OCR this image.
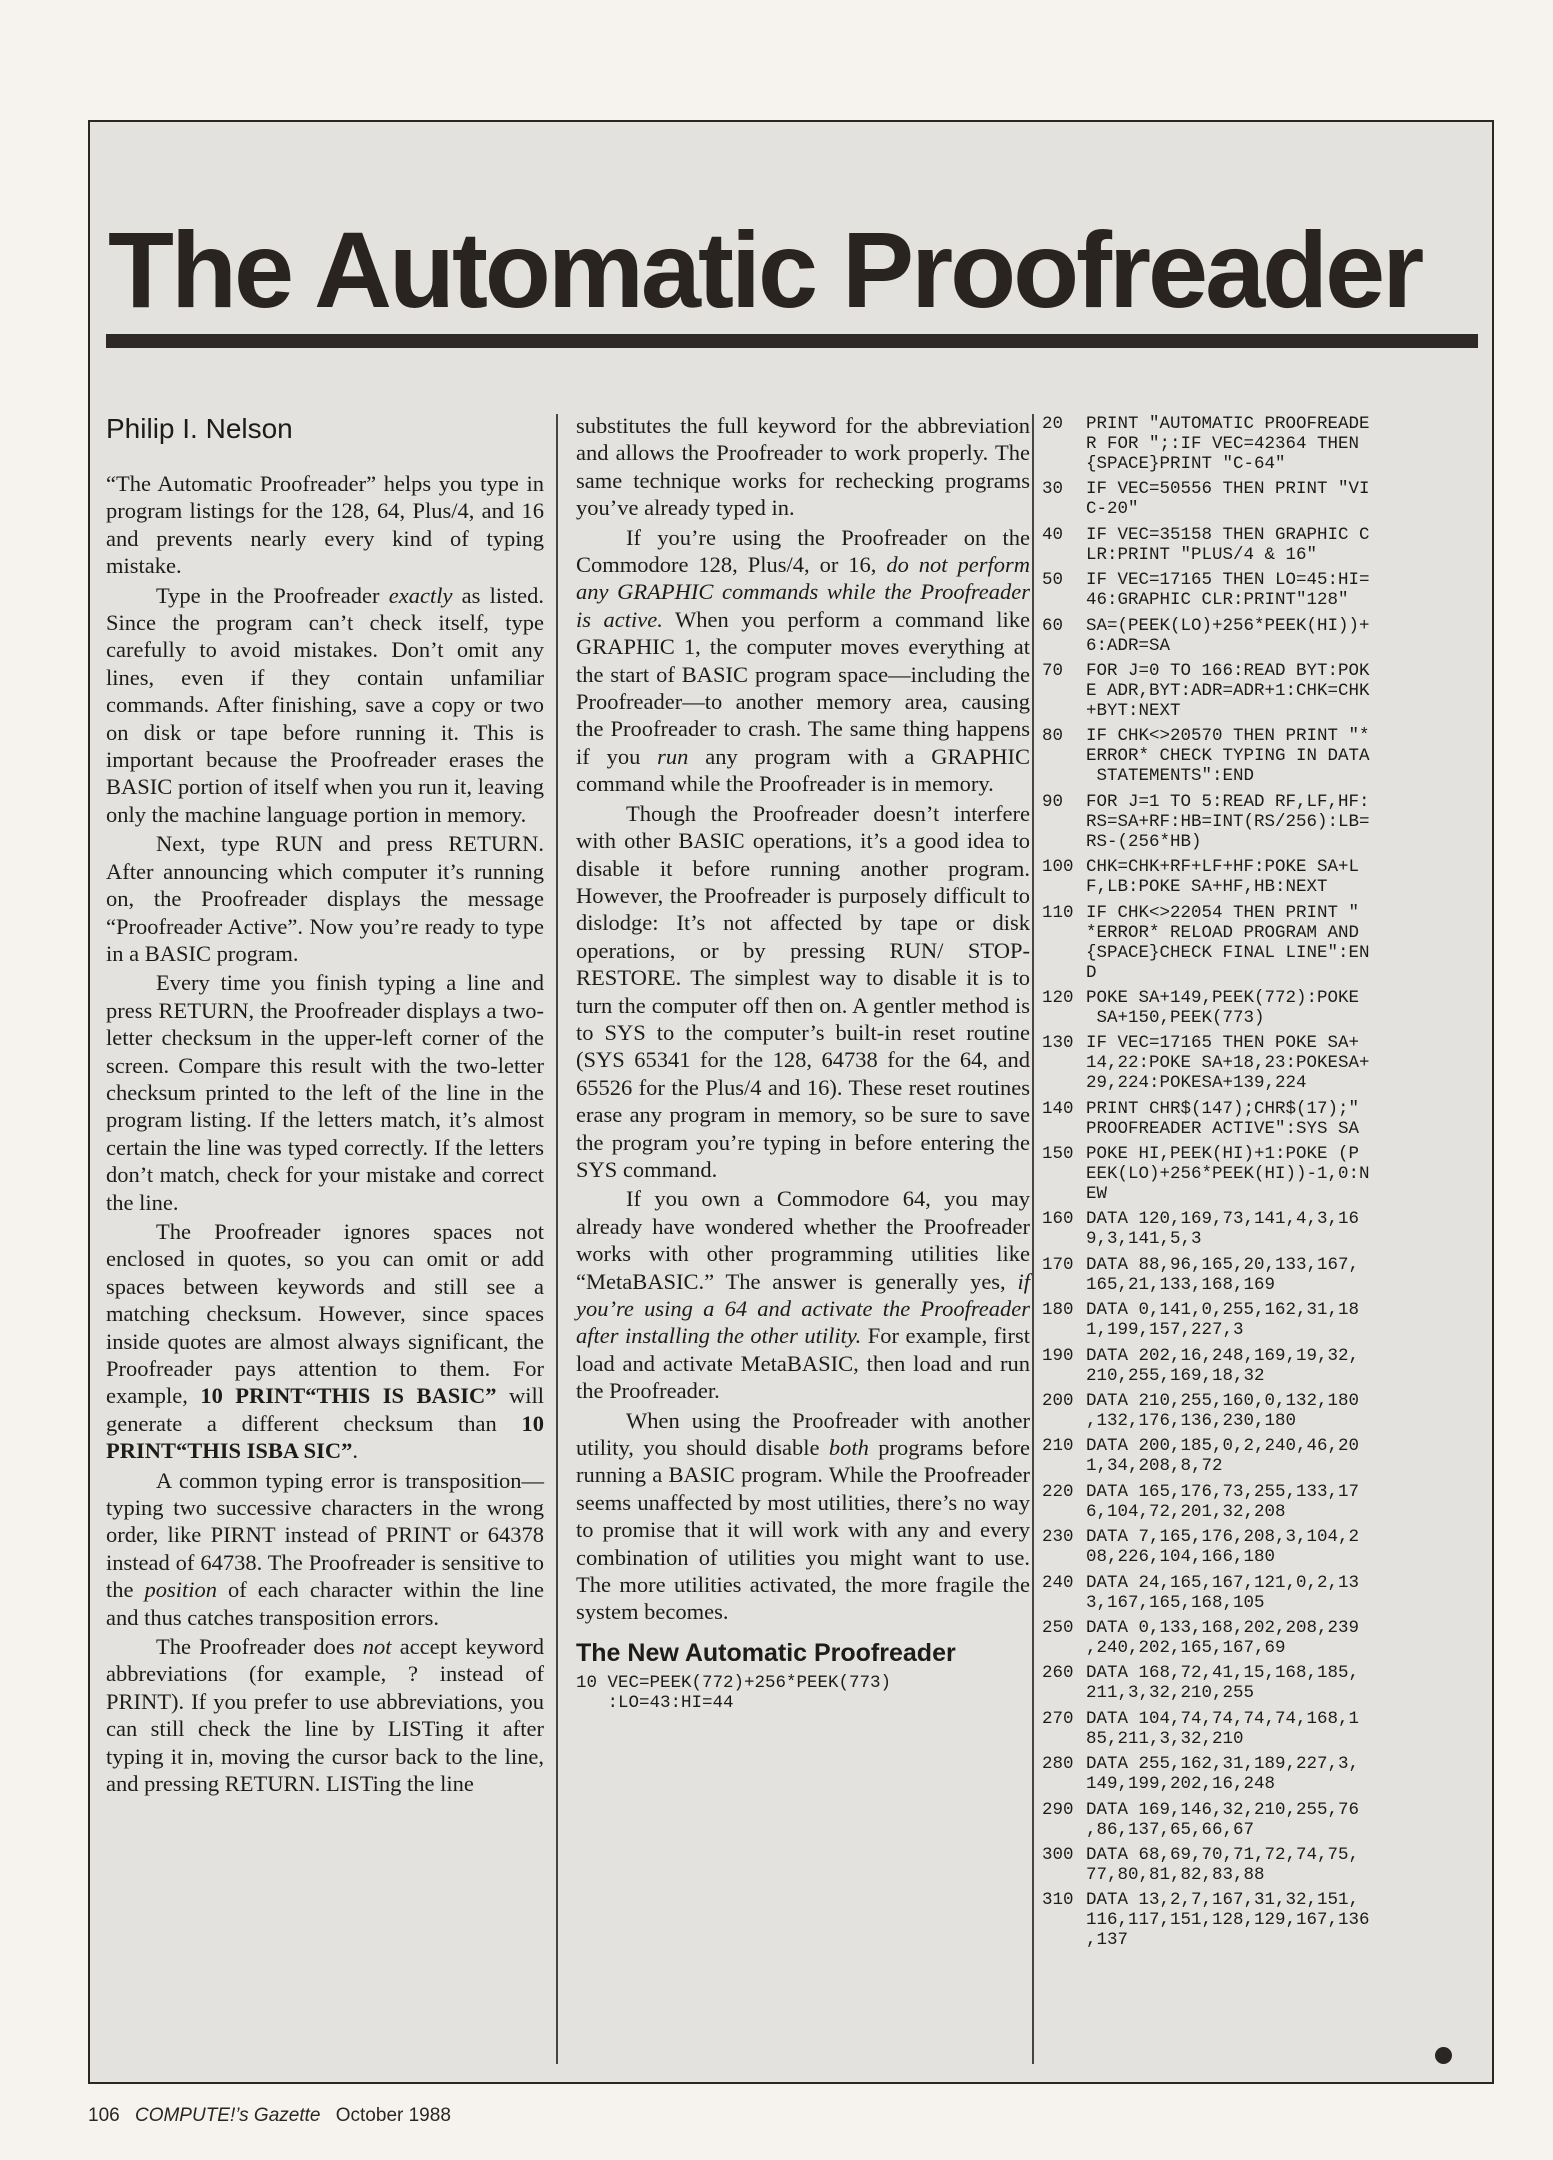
The Automatic Proofreader
Philip I. Nelson

“The Automatic Proofreader” helps you type in program listings for the 128, 64, Plus/4, and 16 and prevents nearly every kind of typing mistake.

Type in the Proofreader exactly as listed. Since the program can’t check itself, type carefully to avoid mistakes. Don’t omit any lines, even if they contain unfamiliar commands. After finishing, save a copy or two on disk or tape before running it. This is important because the Proofreader erases the BASIC portion of itself when you run it, leaving only the machine language portion in memory.

Next, type RUN and press RETURN. After announcing which computer it’s running on, the Proofreader displays the message “Proofreader Active”. Now you’re ready to type in a BASIC program.

Every time you finish typing a line and press RETURN, the Proofreader displays a two-letter checksum in the upper-left corner of the screen. Compare this result with the two-letter checksum printed to the left of the line in the program listing. If the letters match, it’s almost certain the line was typed correctly. If the letters don’t match, check for your mistake and correct the line.

The Proofreader ignores spaces not enclosed in quotes, so you can omit or add spaces between keywords and still see a matching checksum. However, since spaces inside quotes are almost always significant, the Proofreader pays attention to them. For example, 10 PRINT“THIS IS BASIC” will generate a different checksum than 10 PRINT“THIS ISBA SIC”.

A common typing error is transposition—typing two successive characters in the wrong order, like PIRNT instead of PRINT or 64378 instead of 64738. The Proofreader is sensitive to the position of each character within the line and thus catches transposition errors.

The Proofreader does not accept keyword abbreviations (for example, ? instead of PRINT). If you prefer to use abbreviations, you can still check the line by LISTing it after typing it in, moving the cursor back to the line, and pressing RETURN. LISTing the line

substitutes the full keyword for the abbreviation and allows the Proofreader to work properly. The same technique works for rechecking programs you’ve already typed in.

If you’re using the Proofreader on the Commodore 128, Plus/4, or 16, do not perform any GRAPHIC commands while the Proofreader is active. When you perform a command like GRAPHIC 1, the computer moves everything at the start of BASIC program space—including the Proofreader—to another memory area, causing the Proofreader to crash. The same thing happens if you run any program with a GRAPHIC command while the Proofreader is in memory.

Though the Proofreader doesn’t interfere with other BASIC operations, it’s a good idea to disable it before running another program. However, the Proofreader is purposely difficult to dislodge: It’s not affected by tape or disk operations, or by pressing RUN/ STOP- RESTORE. The simplest way to disable it is to turn the computer off then on. A gentler method is to SYS to the computer’s built-in reset routine (SYS 65341 for the 128, 64738 for the 64, and 65526 for the Plus/4 and 16). These reset routines erase any program in memory, so be sure to save the program you’re typing in before entering the SYS command.

If you own a Commodore 64, you may already have wondered whether the Proofreader works with other programming utilities like “MetaBASIC.” The answer is generally yes, if you’re using a 64 and activate the Proofreader after installing the other utility. For example, first load and activate MetaBASIC, then load and run the Proofreader.

When using the Proofreader with another utility, you should disable both programs before running a BASIC program. While the Proofreader seems unaffected by most utilities, there’s no way to promise that it will work with any and every combination of utilities you might want to use. The more utilities activated, the more fragile the system becomes.

The New Automatic Proofreader
10 VEC=PEEK(772)+256*PEEK(773)
:LO=43:HI=44
20	PRINT "AUTOMATIC PROOFREADE
R FOR ";:IF VEC=42364 THEN
{SPACE}PRINT "C-64"
30	IF VEC=50556 THEN PRINT "VI
C-20"
40	IF VEC=35158 THEN GRAPHIC C
LR:PRINT "PLUS/4 & 16"
50	IF VEC=17165 THEN LO=45:HI=
46:GRAPHIC CLR:PRINT"128"
60	SA=(PEEK(LO)+256*PEEK(HI))+
6:ADR=SA
70	FOR J=0 TO 166:READ BYT:POK
E ADR,BYT:ADR=ADR+1:CHK=CHK
+BYT:NEXT
80	IF CHK<>20570 THEN PRINT "*
ERROR* CHECK TYPING IN DATA
STATEMENTS":END
90	FOR J=1 TO 5:READ RF,LF,HF:
RS=SA+RF:HB=INT(RS/256):LB=
RS-(256*HB)
100 CHK=CHK+RF+LF+HF:POKE SA+L
F,LB:POKE SA+HF,HB:NEXT
110 IF CHK<>22054 THEN PRINT "
*ERROR* RELOAD PROGRAM AND
{SPACE}CHECK FINAL LINE":EN
D
120 POKE SA+149,PEEK(772):POKE
SA+150,PEEK(773)
130 IF VEC=17165 THEN POKE SA+
14,22:POKE SA+18,23:POKESA+
29,224:POKESA+139,224
140 PRINT CHR$(147);CHR$(17);"
PROOFREADER ACTIVE":SYS SA
150 POKE HI,PEEK(HI)+1:POKE (P
EEK(LO)+256*PEEK(HI))-1,0:N
EW
160 DATA 120,169,73,141,4,3,16
9,3,141,5,3
170 DATA 88,96,165,20,133,167,
165,21,133,168,169
180 DATA 0,141,0,255,162,31,18
1,199,157,227,3
190 DATA 202,16,248,169,19,32,
210,255,169,18,32
200 DATA 210,255,160,0,132,180
,132,176,136,230,180
210 DATA 200,185,0,2,240,46,20
1,34,208,8,72
220 DATA 165,176,73,255,133,17
6,104,72,201,32,208
230 DATA 7,165,176,208,3,104,2
08,226,104,166,180
240 DATA 24,165,167,121,0,2,13
3,167,165,168,105
250 DATA 0,133,168,202,208,239
,240,202,165,167,69
260 DATA 168,72,41,15,168,185,
211,3,32,210,255
270 DATA 104,74,74,74,74,168,1
85,211,3,32,210
280 DATA 255,162,31,189,227,3,
149,199,202,16,248
290 DATA 169,146,32,210,255,76
,86,137,65,66,67
300 DATA 68,69,70,71,72,74,75,
77,80,81,82,83,88
310 DATA 13,2,7,167,31,32,151,
116,117,151,128,129,167,136
,137
106 COMPUTE!’s Gazette October 1988
